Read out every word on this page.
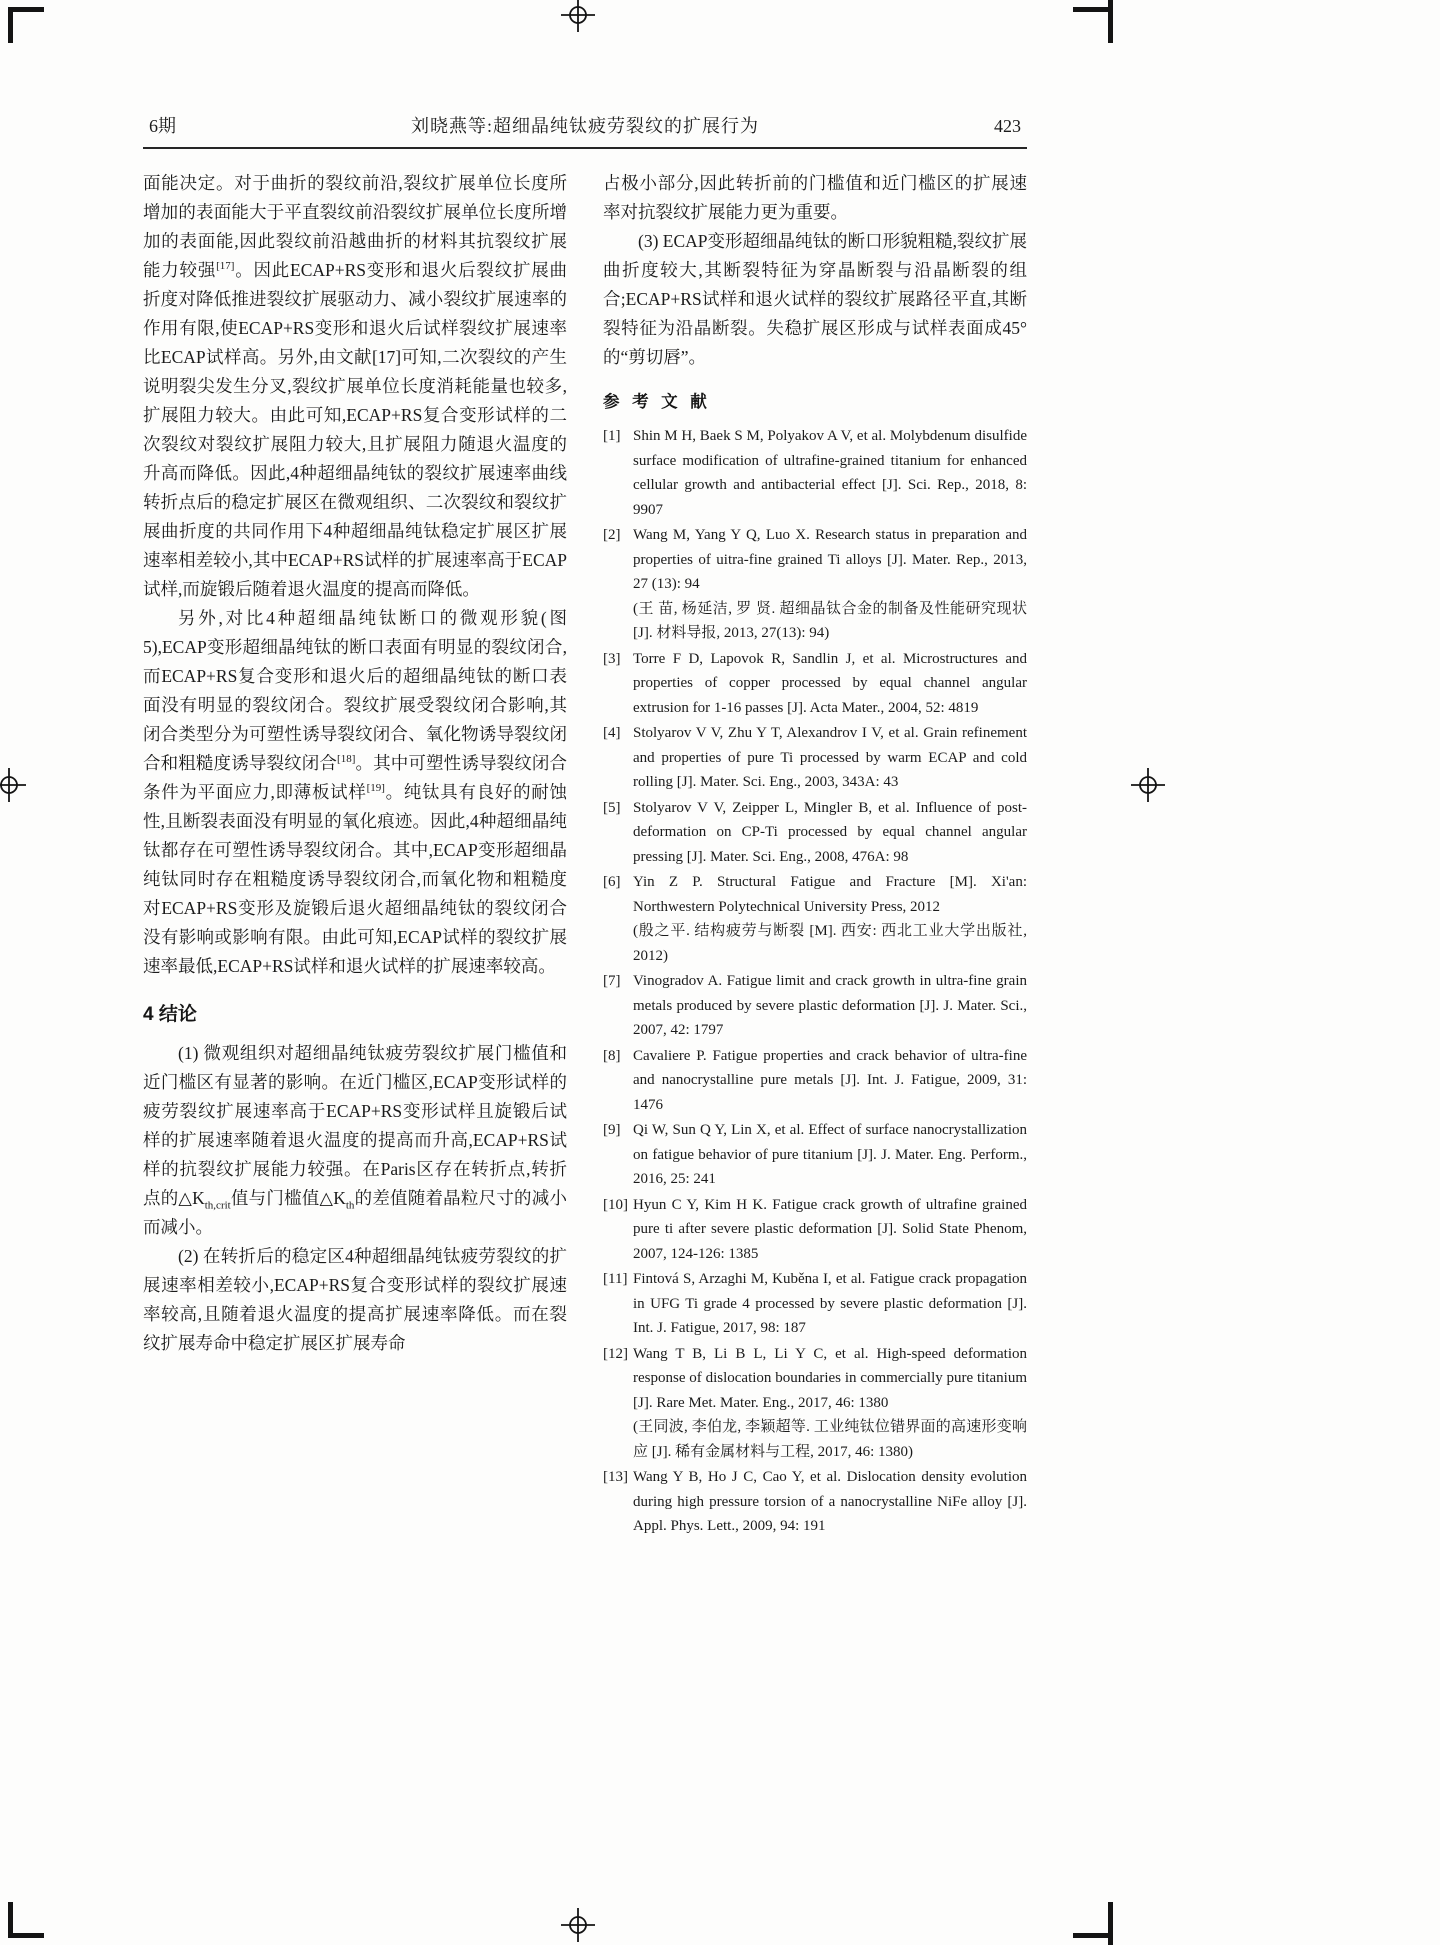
6期	刘晓燕等:超细晶纯钛疲劳裂纹的扩展行为	423

面能决定。对于曲折的裂纹前沿,裂纹扩展单位长度所增加的表面能大于平直裂纹前沿裂纹扩展单位长度所增加的表面能,因此裂纹前沿越曲折的材料其抗裂纹扩展能力较强[17]。因此ECAP+RS变形和退火后裂纹扩展曲折度对降低推进裂纹扩展驱动力、减小裂纹扩展速率的作用有限,使ECAP+RS变形和退火后试样裂纹扩展速率比ECAP试样高。另外,由文献[17]可知,二次裂纹的产生说明裂尖发生分叉,裂纹扩展单位长度消耗能量也较多,扩展阻力较大。由此可知,ECAP+RS复合变形试样的二次裂纹对裂纹扩展阻力较大,且扩展阻力随退火温度的升高而降低。因此,4种超细晶纯钛的裂纹扩展速率曲线转折点后的稳定扩展区在微观组织、二次裂纹和裂纹扩展曲折度的共同作用下4种超细晶纯钛稳定扩展区扩展速率相差较小,其中ECAP+RS试样的扩展速率高于ECAP试样,而旋锻后随着退火温度的提高而降低。

另外,对比4种超细晶纯钛断口的微观形貌(图5),ECAP变形超细晶纯钛的断口表面有明显的裂纹闭合,而ECAP+RS复合变形和退火后的超细晶纯钛的断口表面没有明显的裂纹闭合。裂纹扩展受裂纹闭合影响,其闭合类型分为可塑性诱导裂纹闭合、氧化物诱导裂纹闭合和粗糙度诱导裂纹闭合[18]。其中可塑性诱导裂纹闭合条件为平面应力,即薄板试样[19]。纯钛具有良好的耐蚀性,且断裂表面没有明显的氧化痕迹。因此,4种超细晶纯钛都存在可塑性诱导裂纹闭合。其中,ECAP变形超细晶纯钛同时存在粗糙度诱导裂纹闭合,而氧化物和粗糙度对ECAP+RS变形及旋锻后退火超细晶纯钛的裂纹闭合没有影响或影响有限。由此可知,ECAP试样的裂纹扩展速率最低,ECAP+RS试样和退火试样的扩展速率较高。

4 结论

(1) 微观组织对超细晶纯钛疲劳裂纹扩展门槛值和近门槛区有显著的影响。在近门槛区,ECAP变形试样的疲劳裂纹扩展速率高于ECAP+RS变形试样且旋锻后试样的扩展速率随着退火温度的提高而升高,ECAP+RS试样的抗裂纹扩展能力较强。在Paris区存在转折点,转折点的$\triangle K_{th,crit}$值与门槛值$\triangle K_{th}$的差值随着晶粒尺寸的减小而减小。

(2) 在转折后的稳定区4种超细晶纯钛疲劳裂纹的扩展速率相差较小,ECAP+RS复合变形试样的裂纹扩展速率较高,且随着退火温度的提高扩展速率降低。而在裂纹扩展寿命中稳定扩展区扩展寿命

占极小部分,因此转折前的门槛值和近门槛区的扩展速率对抗裂纹扩展能力更为重要。

(3) ECAP变形超细晶纯钛的断口形貌粗糙,裂纹扩展曲折度较大,其断裂特征为穿晶断裂与沿晶断裂的组合;ECAP+RS试样和退火试样的裂纹扩展路径平直,其断裂特征为沿晶断裂。失稳扩展区形成与试样表面成45°的“剪切唇”。

参 考 文 献
[1] Shin M H, Baek S M, Polyakov A V, et al. Molybdenum disulfide surface modification of ultrafine-grained titanium for enhanced cellular growth and antibacterial effect [J]. Sci. Rep., 2018, 8: 9907
[2] Wang M, Yang Y Q, Luo X. Research status in preparation and properties of uitra-fine grained Ti alloys [J]. Mater. Rep., 2013, 27 (13): 94
(王 苗, 杨延洁, 罗 贤. 超细晶钛合金的制备及性能研究现状 [J]. 材料导报, 2013, 27(13): 94)
[3] Torre F D, Lapovok R, Sandlin J, et al. Microstructures and properties of copper processed by equal channel angular extrusion for 1-16 passes [J]. Acta Mater., 2004, 52: 4819
[4] Stolyarov V V, Zhu Y T, Alexandrov I V, et al. Grain refinement and properties of pure Ti processed by warm ECAP and cold rolling [J]. Mater. Sci. Eng., 2003, 343A: 43
[5] Stolyarov V V, Zeipper L, Mingler B, et al. Influence of post-deformation on CP-Ti processed by equal channel angular pressing [J]. Mater. Sci. Eng., 2008, 476A: 98
[6] Yin Z P. Structural Fatigue and Fracture [M]. Xi'an: Northwestern Polytechnical University Press, 2012
(殷之平. 结构疲劳与断裂 [M]. 西安: 西北工业大学出版社, 2012)
[7] Vinogradov A. Fatigue limit and crack growth in ultra-fine grain metals produced by severe plastic deformation [J]. J. Mater. Sci., 2007, 42: 1797
[8] Cavaliere P. Fatigue properties and crack behavior of ultra-fine and nanocrystalline pure metals [J]. Int. J. Fatigue, 2009, 31: 1476
[9] Qi W, Sun Q Y, Lin X, et al. Effect of surface nanocrystallization on fatigue behavior of pure titanium [J]. J. Mater. Eng. Perform., 2016, 25: 241
[10] Hyun C Y, Kim H K. Fatigue crack growth of ultrafine grained pure ti after severe plastic deformation [J]. Solid State Phenom, 2007, 124-126: 1385
[11] Fintová S, Arzaghi M, Kuběna I, et al. Fatigue crack propagation in UFG Ti grade 4 processed by severe plastic deformation [J]. Int. J. Fatigue, 2017, 98: 187
[12] Wang T B, Li B L, Li Y C, et al. High-speed deformation response of dislocation boundaries in commercially pure titanium [J]. Rare Met. Mater. Eng., 2017, 46: 1380
(王同波, 李伯龙, 李颖超等. 工业纯钛位错界面的高速形变响应 [J]. 稀有金属材料与工程, 2017, 46: 1380)
[13] Wang Y B, Ho J C, Cao Y, et al. Dislocation density evolution during high pressure torsion of a nanocrystalline NiFe alloy [J]. Appl. Phys. Lett., 2009, 94: 191
